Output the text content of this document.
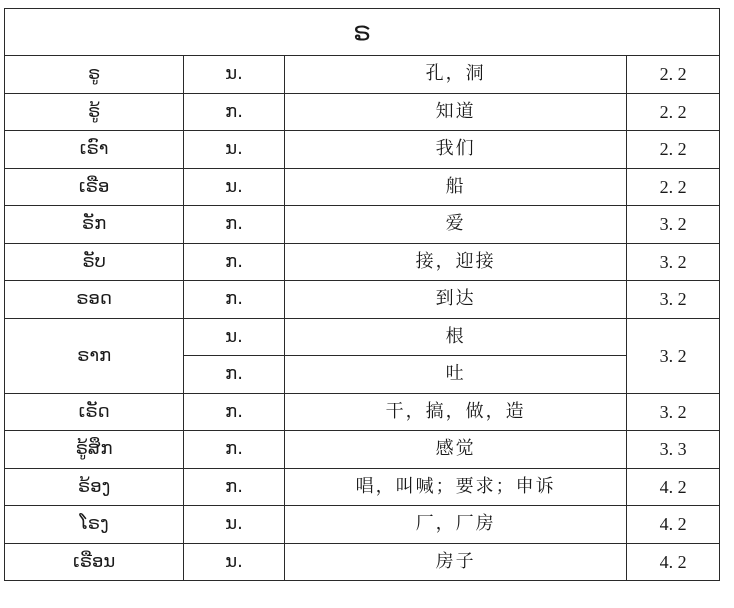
ຣ			
ຣູ	ນ.	孔，洞	2. 2
ຣູ້	ກ.	知道	2. 2
ເຣົາ	ນ.	我们	2. 2
ເຣືອ	ນ.	船	2. 2
ຣັກ	ກ.	爱	3. 2
ຣັບ	ກ.	接，迎接	3. 2
ຣອດ	ກ.	到达	3. 2
ຣາກ	ນ.	根	3. 2
	ກ.	吐	
ເຣັດ	ກ.	干，搞，做，造	3. 2
ຣູ້ສຶກ	ກ.	感觉	3. 3
ຣ້ອງ	ກ.	唱，叫喊；要求；申诉	4. 2
ໂຣງ	ນ.	厂，厂房	4. 2
ເຣືອນ	ນ.	房子	4. 2
